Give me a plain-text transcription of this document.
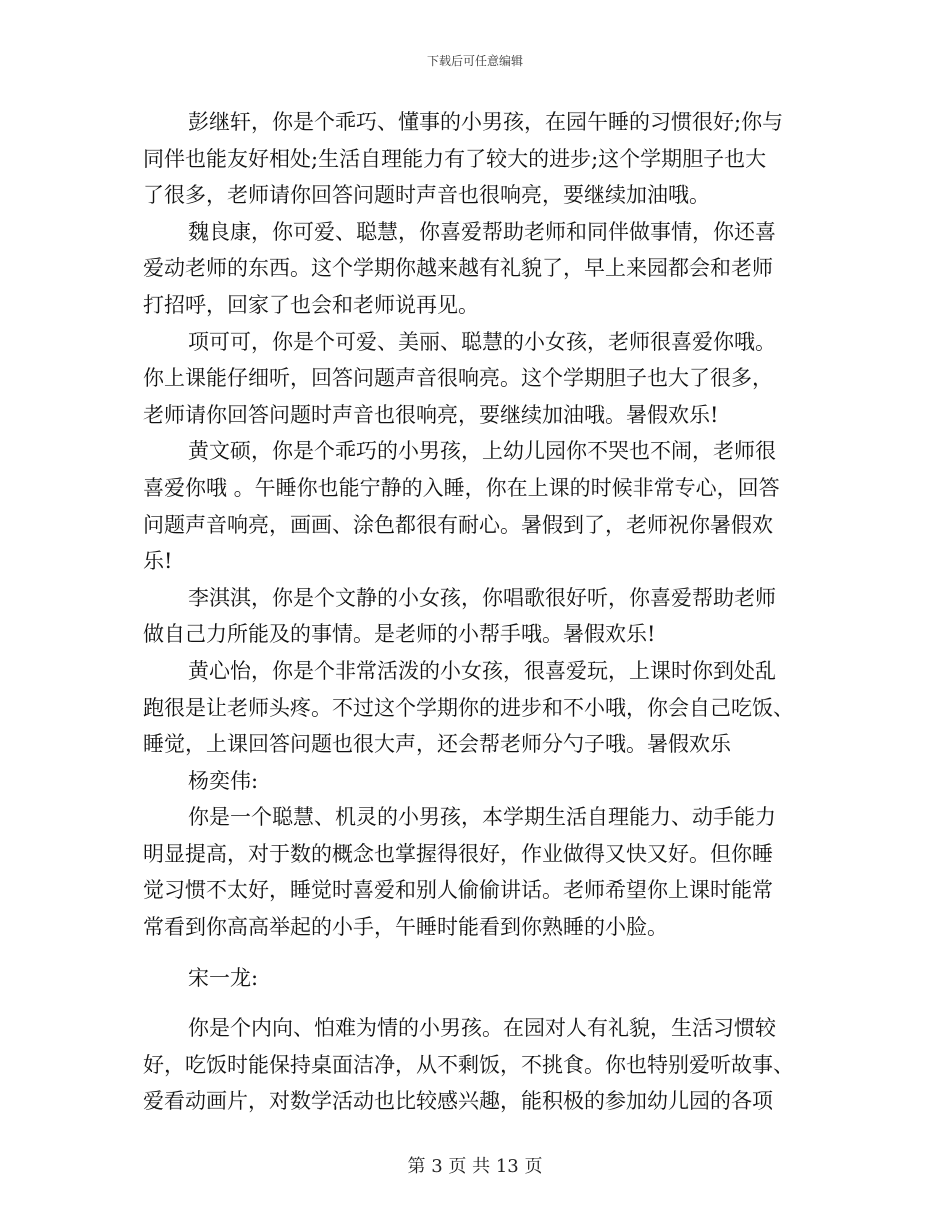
下载后可任意编辑
彭继轩，你是个乖巧、懂事的小男孩，在园午睡的习惯很好;你与
同伴也能友好相处;生活自理能力有了较大的进步;这个学期胆子也大
了很多，老师请你回答问题时声音也很响亮，要继续加油哦。
魏良康，你可爱、聪慧，你喜爱帮助老师和同伴做事情，你还喜
爱动老师的东西。这个学期你越来越有礼貌了，早上来园都会和老师
打招呼，回家了也会和老师说再见。
项可可，你是个可爱、美丽、聪慧的小女孩，老师很喜爱你哦。
你上课能仔细听，回答问题声音很响亮。这个学期胆子也大了很多，
老师请你回答问题时声音也很响亮，要继续加油哦。暑假欢乐!
黄文硕，你是个乖巧的小男孩，上幼儿园你不哭也不闹，老师很
喜爱你哦 。午睡你也能宁静的入睡，你在上课的时候非常专心，回答
问题声音响亮，画画、涂色都很有耐心。暑假到了，老师祝你暑假欢
乐!
李淇淇，你是个文静的小女孩，你唱歌很好听，你喜爱帮助老师
做自己力所能及的事情。是老师的小帮手哦。暑假欢乐!
黄心怡，你是个非常活泼的小女孩，很喜爱玩，上课时你到处乱
跑很是让老师头疼。不过这个学期你的进步和不小哦，你会自己吃饭、
睡觉，上课回答问题也很大声，还会帮老师分勺子哦。暑假欢乐
杨奕伟:
你是一个聪慧、机灵的小男孩，本学期生活自理能力、动手能力
明显提高，对于数的概念也掌握得很好，作业做得又快又好。但你睡
觉习惯不太好，睡觉时喜爱和别人偷偷讲话。老师希望你上课时能常
常看到你高高举起的小手，午睡时能看到你熟睡的小脸。
宋一龙:
你是个内向、怕难为情的小男孩。在园对人有礼貌，生活习惯较
好，吃饭时能保持桌面洁净，从不剩饭，不挑食。你也特别爱听故事、
爱看动画片，对数学活动也比较感兴趣，能积极的参加幼儿园的各项
第 3 页 共 13 页
